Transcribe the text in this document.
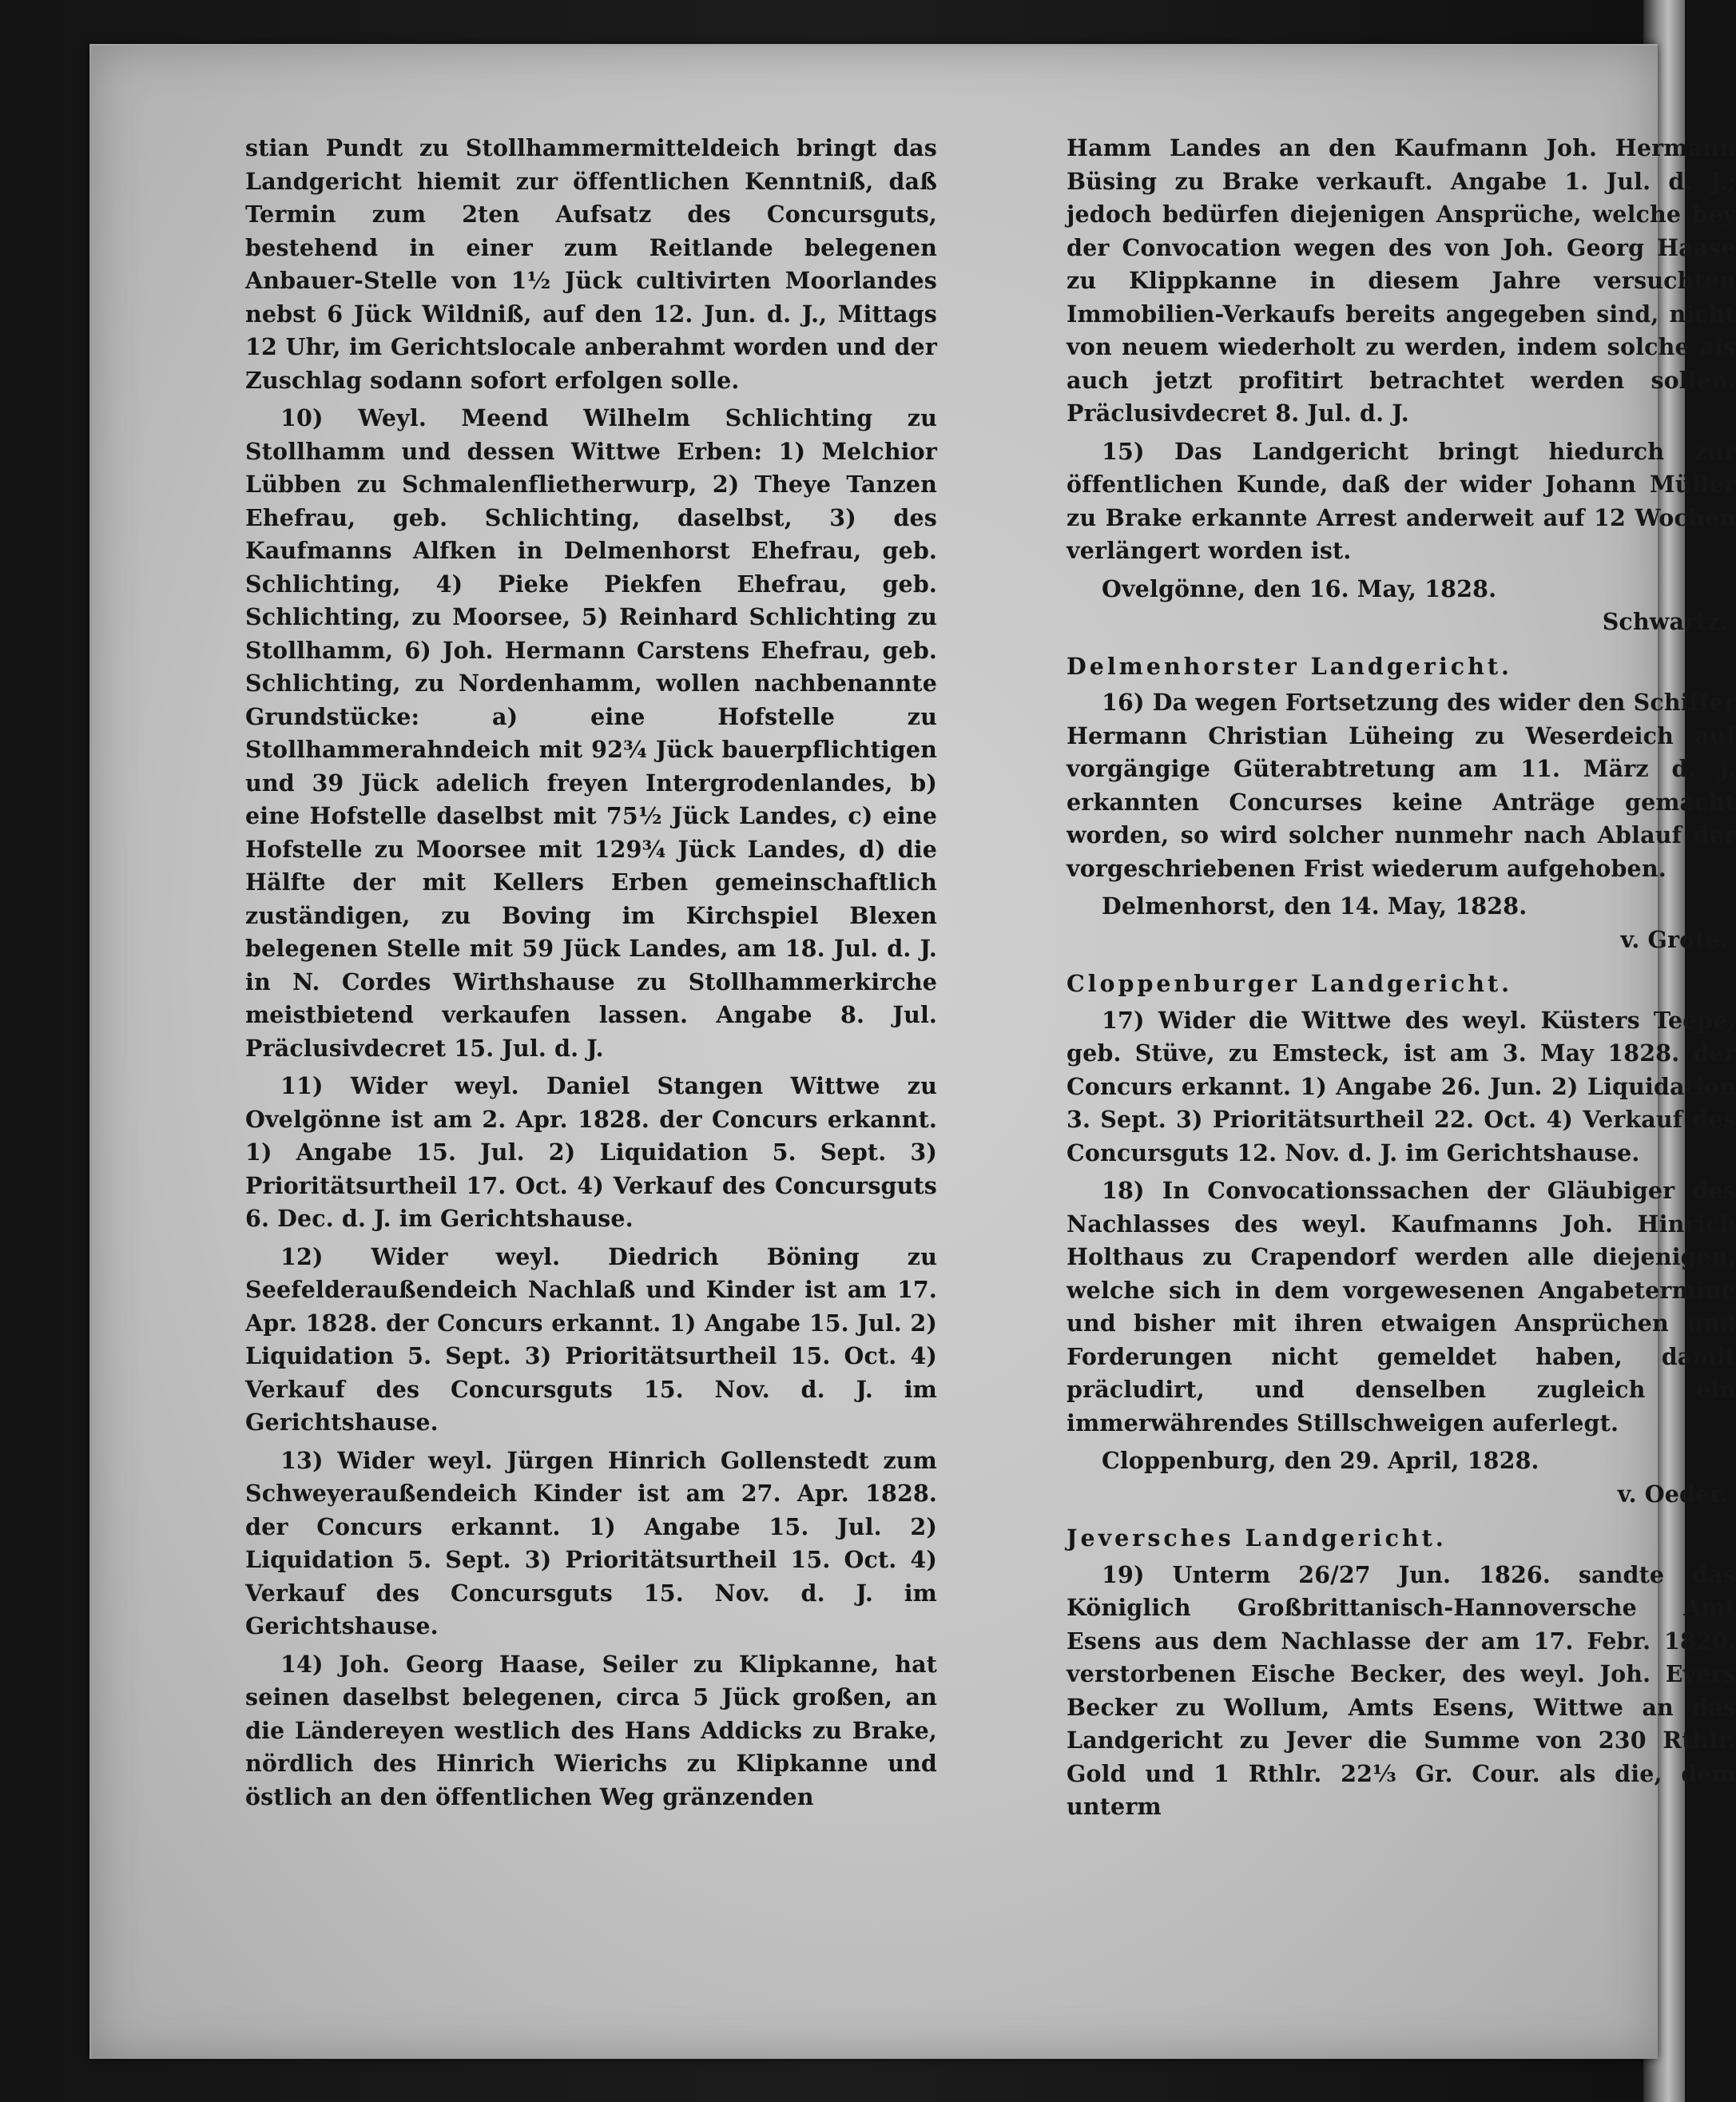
stian Pundt zu Stollhammermitteldeich bringt das Landgericht hiemit zur öffentlichen Kenntniß, daß Termin zum 2ten Aufsatz des Concursguts, bestehend in einer zum Reitlande belegenen Anbauer-Stelle von 1½ Jück cultivirten Moorlandes nebst 6 Jück Wildniß, auf den 12. Jun. d. J., Mittags 12 Uhr, im Gerichtslocale anberahmt worden und der Zuschlag sodann sofort erfolgen solle.

10) Weyl. Meend Wilhelm Schlichting zu Stollhamm und dessen Wittwe Erben: 1) Melchior Lübben zu Schmalenflietherwurp, 2) Theye Tanzen Ehefrau, geb. Schlichting, daselbst, 3) des Kaufmanns Alfken in Delmenhorst Ehefrau, geb. Schlichting, 4) Pieke Piekfen Ehefrau, geb. Schlichting, zu Moorsee, 5) Reinhard Schlichting zu Stollhamm, 6) Joh. Hermann Carstens Ehefrau, geb. Schlichting, zu Nordenhamm, wollen nachbenannte Grundstücke: a) eine Hofstelle zu Stollhammerahndeich mit 92¾ Jück bauerpflichtigen und 39 Jück adelich freyen Intergrodenlandes, b) eine Hofstelle daselbst mit 75½ Jück Landes, c) eine Hofstelle zu Moorsee mit 129¾ Jück Landes, d) die Hälfte der mit Kellers Erben gemeinschaftlich zuständigen, zu Boving im Kirchspiel Blexen belegenen Stelle mit 59 Jück Landes, am 18. Jul. d. J. in N. Cordes Wirthshause zu Stollhammerkirche meistbietend verkaufen lassen. Angabe 8. Jul. Präclusivdecret 15. Jul. d. J.

11) Wider weyl. Daniel Stangen Wittwe zu Ovelgönne ist am 2. Apr. 1828. der Concurs erkannt. 1) Angabe 15. Jul. 2) Liquidation 5. Sept. 3) Prioritätsurtheil 17. Oct. 4) Verkauf des Concursguts 6. Dec. d. J. im Gerichtshause.

12) Wider weyl. Diedrich Böning zu Seefelderaußendeich Nachlaß und Kinder ist am 17. Apr. 1828. der Concurs erkannt. 1) Angabe 15. Jul. 2) Liquidation 5. Sept. 3) Prioritätsurtheil 15. Oct. 4) Verkauf des Concursguts 15. Nov. d. J. im Gerichtshause.

13) Wider weyl. Jürgen Hinrich Gollenstedt zum Schweyeraußendeich Kinder ist am 27. Apr. 1828. der Concurs erkannt. 1) Angabe 15. Jul. 2) Liquidation 5. Sept. 3) Prioritätsurtheil 15. Oct. 4) Verkauf des Concursguts 15. Nov. d. J. im Gerichtshause.

14) Joh. Georg Haase, Seiler zu Klipkanne, hat seinen daselbst belegenen, circa 5 Jück großen, an die Ländereyen westlich des Hans Addicks zu Brake, nördlich des Hinrich Wierichs zu Klipkanne und östlich an den öffentlichen Weg gränzenden

Hamm Landes an den Kaufmann Joh. Hermann Büsing zu Brake verkauft. Angabe 1. Jul. d. J.; jedoch bedürfen diejenigen Ansprüche, welche bey der Convocation wegen des von Joh. Georg Haase zu Klippkanne in diesem Jahre versuchten Immobilien-Verkaufs bereits angegeben sind, nicht von neuem wiederholt zu werden, indem solche als auch jetzt profitirt betrachtet werden sollen. Präclusivdecret 8. Jul. d. J.

15) Das Landgericht bringt hiedurch zur öffentlichen Kunde, daß der wider Johann Müller zu Brake erkannte Arrest anderweit auf 12 Wochen verlängert worden ist.

Ovelgönne, den 16. May, 1828.

Schwartz.

Delmenhorster Landgericht.

16) Da wegen Fortsetzung des wider den Schiffer Hermann Christian Lüheing zu Weserdeich auf vorgängige Güterabtretung am 11. März d. J. erkannten Concurses keine Anträge gemacht worden, so wird solcher nunmehr nach Ablauf der vorgeschriebenen Frist wiederum aufgehoben.

Delmenhorst, den 14. May, 1828.

v. Grote.

Cloppenburger Landgericht.

17) Wider die Wittwe des weyl. Küsters Teepe, geb. Stüve, zu Emsteck, ist am 3. May 1828. der Concurs erkannt. 1) Angabe 26. Jun. 2) Liquidation 3. Sept. 3) Prioritätsurtheil 22. Oct. 4) Verkauf des Concursguts 12. Nov. d. J. im Gerichtshause.

18) In Convocationssachen der Gläubiger des Nachlasses des weyl. Kaufmanns Joh. Hinrich Holthaus zu Crapendorf werden alle diejenigen, welche sich in dem vorgewesenen Angabetermine und bisher mit ihren etwaigen Ansprüchen und Forderungen nicht gemeldet haben, damit präcludirt, und denselben zugleich ein immerwährendes Stillschweigen auferlegt.

Cloppenburg, den 29. April, 1828.

v. Oeder.

Jeversches Landgericht.

19) Unterm 26/27 Jun. 1826. sandte das Königlich Großbrittanisch-Hannoversche Amt Esens aus dem Nachlasse der am 17. Febr. 1820. verstorbenen Eische Becker, des weyl. Joh. Evers Becker zu Wollum, Amts Esens, Wittwe an das Landgericht zu Jever die Summe von 230 Rthlr. Gold und 1 Rthlr. 22⅓ Gr. Cour. als die, dem unterm
